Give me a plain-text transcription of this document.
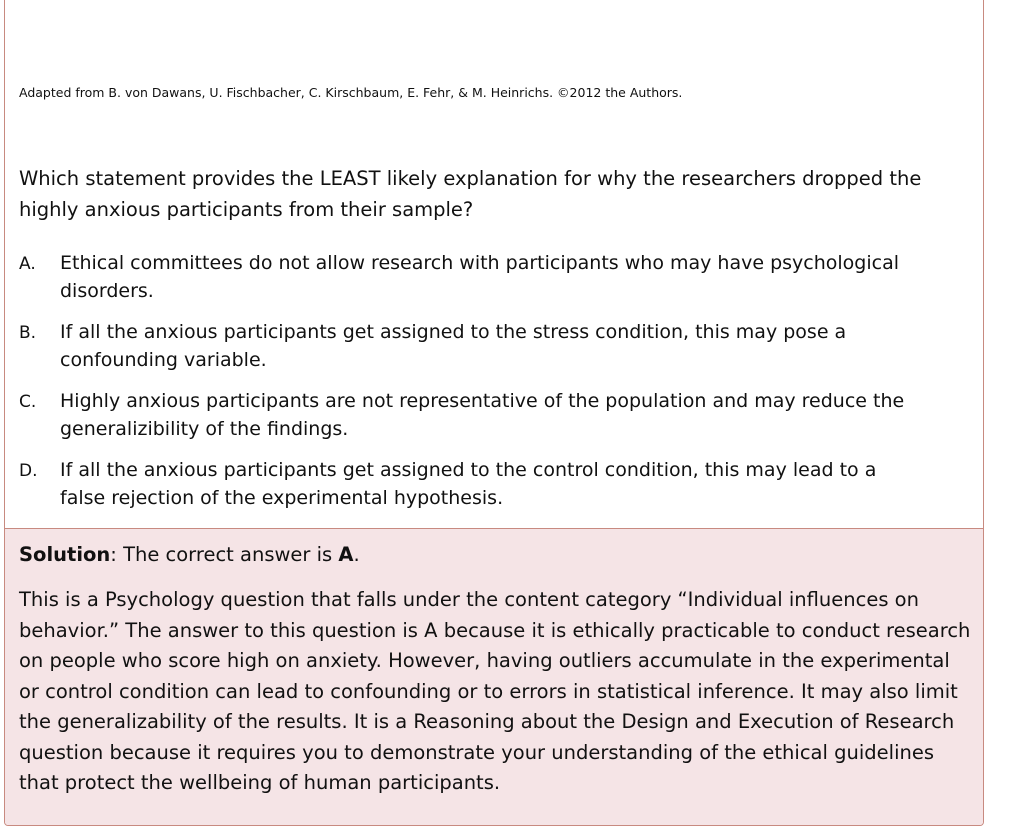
Adapted from B. von Dawans, U. Fischbacher, C. Kirschbaum, E. Fehr, & M. Heinrichs. ©2012 the Authors.
Which statement provides the LEAST likely explanation for why the researchers dropped the highly anxious participants from their sample?
A. Ethical committees do not allow research with participants who may have psychological disorders.
B. If all the anxious participants get assigned to the stress condition, this may pose a confounding variable.
C. Highly anxious participants are not representative of the population and may reduce the generalizibility of the findings.
D. If all the anxious participants get assigned to the control condition, this may lead to a false rejection of the experimental hypothesis.
Solution: The correct answer is A.
This is a Psychology question that falls under the content category “Individual influences on behavior.” The answer to this question is A because it is ethically practicable to conduct research on people who score high on anxiety. However, having outliers accumulate in the experimental or control condition can lead to confounding or to errors in statistical inference. It may also limit the generalizability of the results. It is a Reasoning about the Design and Execution of Research question because it requires you to demonstrate your understanding of the ethical guidelines that protect the wellbeing of human participants.
